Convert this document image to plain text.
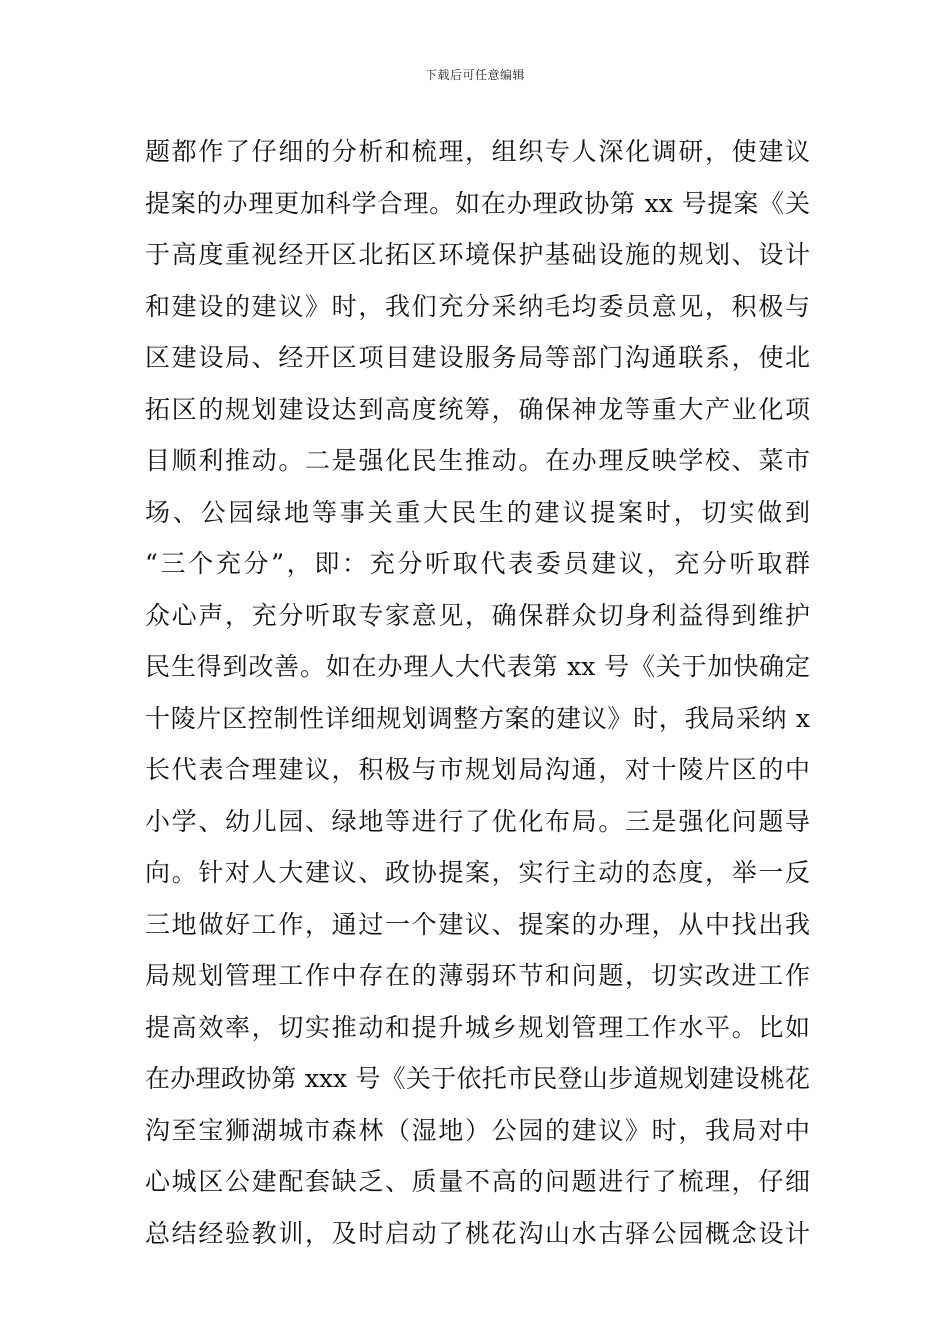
下载后可任意编辑
题都作了仔细的分析和梳理，组织专人深化调研，使建议
提案的办理更加科学合理。如在办理政协第 xx 号提案《关
于高度重视经开区北拓区环境保护基础设施的规划、设计
和建设的建议》时，我们充分采纳毛均委员意见，积极与
区建设局、经开区项目建设服务局等部门沟通联系，使北
拓区的规划建设达到高度统筹，确保神龙等重大产业化项
目顺利推动。二是强化民生推动。在办理反映学校、菜市
场、公园绿地等事关重大民生的建议提案时，切实做到
“三个充分”，即：充分听取代表委员建议，充分听取群
众心声，充分听取专家意见，确保群众切身利益得到维护
民生得到改善。如在办理人大代表第 xx 号《关于加快确定
十陵片区控制性详细规划调整方案的建议》时，我局采纳 x
长代表合理建议，积极与市规划局沟通，对十陵片区的中
小学、幼儿园、绿地等进行了优化布局。三是强化问题导
向。针对人大建议、政协提案，实行主动的态度，举一反
三地做好工作，通过一个建议、提案的办理，从中找出我
局规划管理工作中存在的薄弱环节和问题，切实改进工作
提高效率，切实推动和提升城乡规划管理工作水平。比如
在办理政协第 xxx 号《关于依托市民登山步道规划建设桃花
沟至宝狮湖城市森林（湿地）公园的建议》时，我局对中
心城区公建配套缺乏、质量不高的问题进行了梳理，仔细
总结经验教训，及时启动了桃花沟山水古驿公园概念设计
